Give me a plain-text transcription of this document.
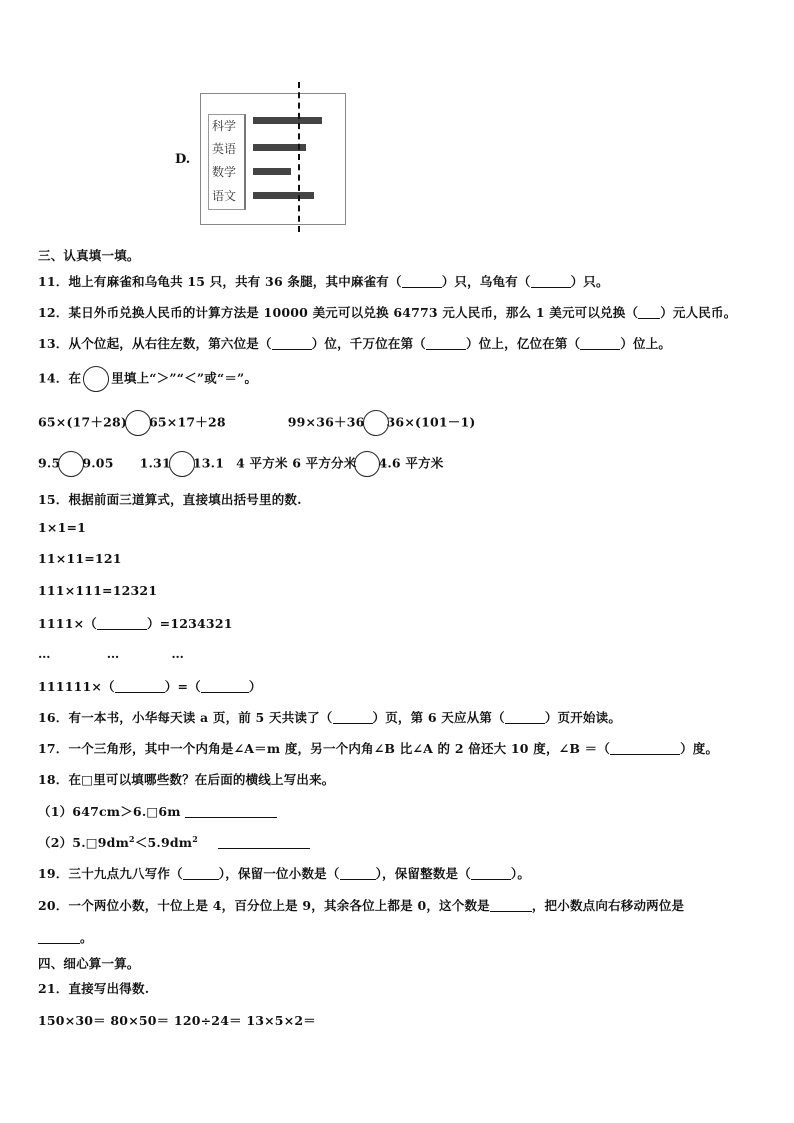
D.
科学
英语
数学
语文
三、认真填一填。
11．地上有麻雀和乌龟共 15 只，共有 36 条腿，其中麻雀有（	）只，乌龟有（	）只。
12．某日外币兑换人民币的计算方法是 10000 美元可以兑换 64773 元人民币，那么 1 美元可以兑换（ ）元人民币。
13．从个位起，从右往左数，第六位是（	）位，千万位在第（	）位上，亿位在第（	）位上。
14．在 里填上“＞”“＜”或“＝”。
65×(17＋28) 65×17＋28	99×36＋36 36×(101－1)
9.5 9.05 1.31 13.1 4 平方米 6 平方分米 4.6 平方米
15．根据前面三道算式，直接填出括号里的数.
1×1=1
11×11=121
111×111=12321
1111×（	）=1234321
…	…	…
111111×（	）=（	）
16．有一本书，小华每天读 a 页，前 5 天共读了（	）页，第 6 天应从第（	）页开始读。
17．一个三角形，其中一个内角是∠A＝m 度，另一个内角∠B 比∠A 的 2 倍还大 10 度，∠B ＝（	）度。
18．在□里可以填哪些数？在后面的横线上写出来。
（1）647cm＞6.□6m
$(2)5.□9dm^2<5.9dm^2$
19．三十九点九八写作（	），保留一位小数是（	），保留整数是（	）。
20．一个两位小数，十位上是 4，百分位上是 9，其余各位上都是 0，这个数是	，把小数点向右移动两位是
。
四、细心算一算。
21．直接写出得数.
150×30＝ 80×50＝ 120÷24＝ 13×5×2＝
